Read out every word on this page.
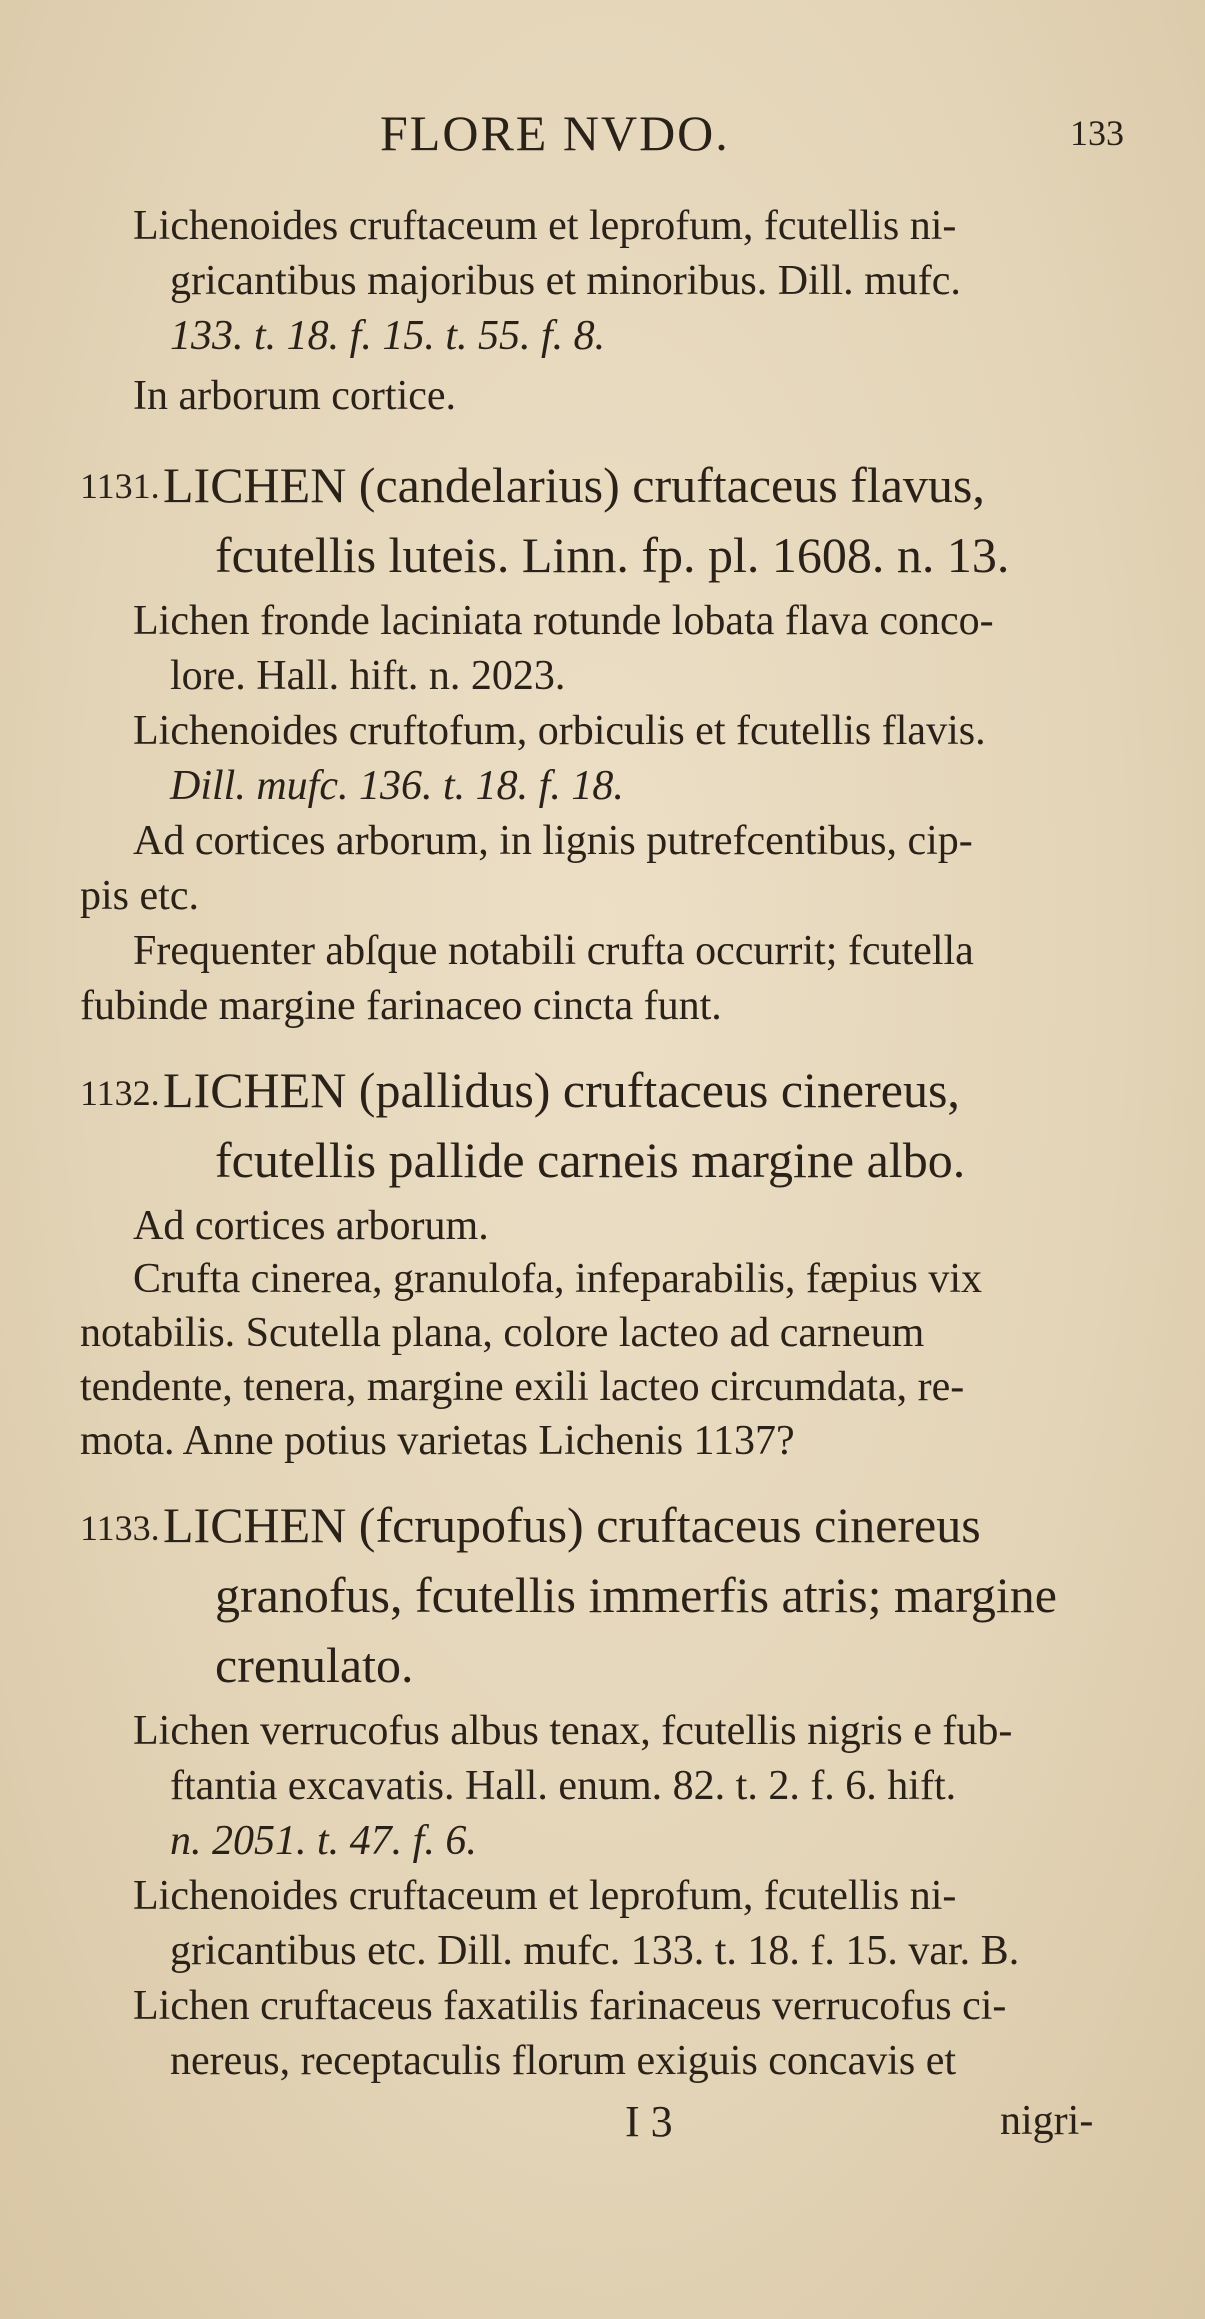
FLORE NVDO.	133
Lichenoides cruftaceum et leprofum, fcutellis ni-
gricantibus majoribus et minoribus. Dill. mufc.
133. t. 18. f. 15. t. 55. f. 8.
In arborum cortice.
1131. LICHEN (candelarius) cruftaceus flavus,
fcutellis luteis. Linn. fp. pl. 1608. n. 13.
Lichen fronde laciniata rotunde lobata flava conco-
lore. Hall. hift. n. 2023.
Lichenoides cruftofum, orbiculis et fcutellis flavis.
Dill. mufc. 136. t. 18. f. 18.
Ad cortices arborum, in lignis putrefcentibus, cip-
pis etc.
Frequenter abſque notabili crufta occurrit; fcutella
fubinde margine farinaceo cincta funt.
1132. LICHEN (pallidus) cruftaceus cinereus,
fcutellis pallide carneis margine albo.
Ad cortices arborum.
Crufta cinerea, granulofa, infeparabilis, fæpius vix
notabilis. Scutella plana, colore lacteo ad carneum
tendente, tenera, margine exili lacteo circumdata, re-
mota. Anne potius varietas Lichenis 1137?
1133. LICHEN (fcrupofus) cruftaceus cinereus
granofus, fcutellis immerfis atris; margine
crenulato.
Lichen verrucofus albus tenax, fcutellis nigris e fub-
ftantia excavatis. Hall. enum. 82. t. 2. f. 6. hift.
n. 2051. t. 47. f. 6.
Lichenoides cruftaceum et leprofum, fcutellis ni-
gricantibus etc. Dill. mufc. 133. t. 18. f. 15. var. B.
Lichen cruftaceus faxatilis farinaceus verrucofus ci-
nereus, receptaculis florum exiguis concavis et
I 3	nigri-
